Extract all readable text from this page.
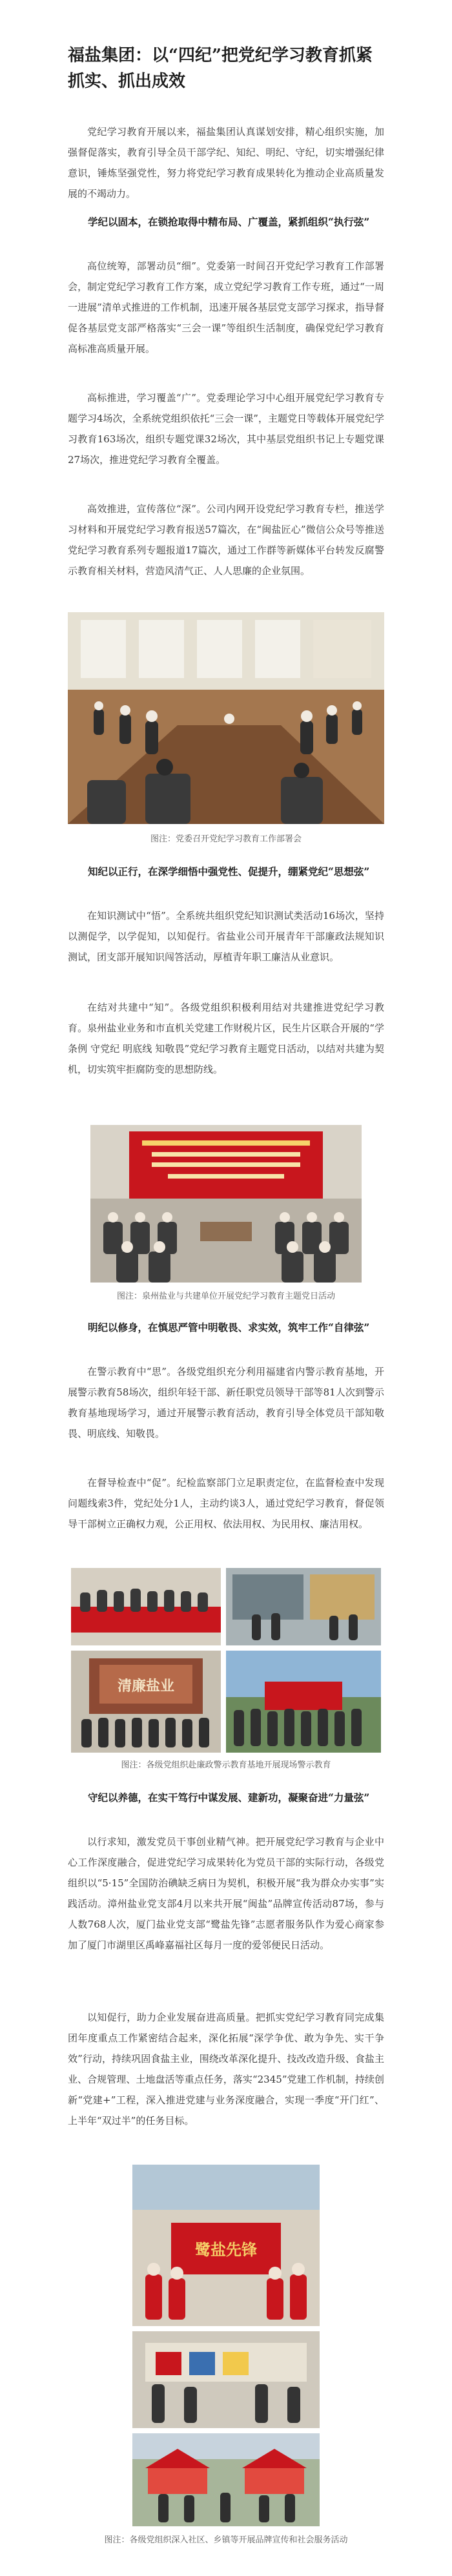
福盐集团：以“四纪”把党纪学习教育抓紧抓实、抓出成效

党纪学习教育开展以来，福盐集团认真谋划安排，精心组织实施，加强督促落实，教育引导全员干部学纪、知纪、明纪、守纪，切实增强纪律意识，锤炼坚强党性，努力将党纪学习教育成果转化为推动企业高质量发展的不竭动力。

学纪以固本，在锁抢取得中精布局、广覆盖，紧抓组织“执行弦”

高位统筹，部署动员“细”。党委第一时间召开党纪学习教育工作部署会，制定党纪学习教育工作方案，成立党纪学习教育工作专班，通过“一周一进展”清单式推进的工作机制，迅速开展各基层党支部学习探求，指导督促各基层党支部严格落实“三会一课”等组织生活制度，确保党纪学习教育高标准高质量开展。

高标推进，学习覆盖“广”。党委理论学习中心组开展党纪学习教育专题学习4场次，全系统党组织依托“三会一课”，主题党日等载体开展党纪学习教育163场次，组织专题党课32场次，其中基层党组织书记上专题党课27场次，推进党纪学习教育全覆盖。

高效推进，宣传落位“深”。公司内网开设党纪学习教育专栏，推送学习材料和开展党纪学习教育报送57篇次，在“闽盐匠心”微信公众号等推送党纪学习教育系列专题报道17篇次，通过工作群等新媒体平台转发反腐警示教育相关材料，营造风清气正、人人思廉的企业氛围。

图注：党委召开党纪学习教育工作部署会

知纪以正行，在深学细悟中强党性、促提升，绷紧党纪“思想弦”

在知识测试中“悟”。全系统共组织党纪知识测试类活动16场次，坚持以测促学，以学促知，以知促行。省盐业公司开展青年干部廉政法规知识测试，团支部开展知识闯答活动，厚植青年职工廉洁从业意识。

在结对共建中“知”。各级党组织积极利用结对共建推进党纪学习教育。泉州盐业业务和市直机关党建工作财税片区，民生片区联合开展的“学条例 守党纪 明底线 知敬畏”党纪学习教育主题党日活动，以结对共建为契机，切实筑牢拒腐防变的思想防线。

图注：泉州盐业与共建单位开展党纪学习教育主题党日活动

明纪以修身，在慎思严管中明敬畏、求实效，筑牢工作“自律弦”

在警示教育中“思”。各级党组织充分利用福建省内警示教育基地，开展警示教育58场次，组织年轻干部、新任职党员领导干部等81人次到警示教育基地现场学习，通过开展警示教育活动，教育引导全体党员干部知敬畏、明底线、知敬畏。

在督导检查中“促”。纪检监察部门立足职责定位，在监督检查中发现问题线索3件，党纪处分1人，主动约谈3人，通过党纪学习教育，督促领导干部树立正确权力观，公正用权、依法用权、为民用权、廉洁用权。

清廉盐业

图注：各级党组织赴廉政警示教育基地开展现场警示教育

守纪以养德，在实干笃行中谋发展、建新功，凝聚奋进“力量弦”

以行求知，激发党员干事创业精气神。把开展党纪学习教育与企业中心工作深度融合，促进党纪学习成果转化为党员干部的实际行动，各级党组织以“5·15”全国防治碘缺乏病日为契机，积极开展“我为群众办实事”实践活动。漳州盐业党支部4月以来共开展“闽盐”品牌宣传活动87场，参与人数768人次，厦门盐业党支部“鹭盐先锋”志愿者服务队作为爱心商家参加了厦门市湖里区禹峰嘉福社区每月一度的爱邻便民日活动。

以知促行，助力企业发展奋进高质量。把抓实党纪学习教育同完成集团年度重点工作紧密结合起来，深化拓展“深学争优、敢为争先、实干争效”行动，持续巩固食盐主业，围绕改革深化提升、技改改造升级、食盐主业、合规管理、土地盘活等重点任务，落实“2345”党建工作机制，持续创新“党建+”工程，深入推进党建与业务深度融合，实现一季度“开门红”、上半年“双过半”的任务目标。

鹭盐先锋

图注：各级党组织深入社区、乡镇等开展品牌宣传和社会服务活动
